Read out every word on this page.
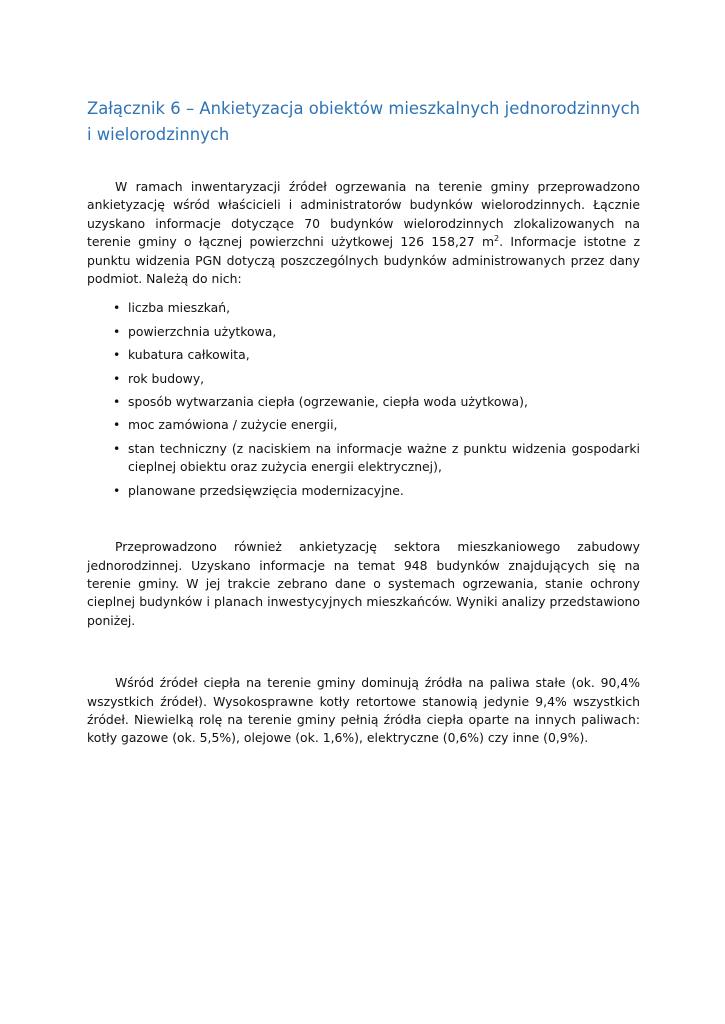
Załącznik 6 – Ankietyzacja obiektów mieszkalnych jednorodzinnych i wielorodzinnych

W ramach inwentaryzacji źródeł ogrzewania na terenie gminy przeprowadzono ankietyzację wśród właścicieli i administratorów budynków wielorodzinnych. Łącznie uzyskano informacje dotyczące 70 budynków wielorodzinnych zlokalizowanych na terenie gminy o łącznej powierzchni użytkowej 126 158,27 $m^2$. Informacje istotne z punktu widzenia PGN dotyczą poszczególnych budynków administrowanych przez dany podmiot. Należą do nich:

• liczba mieszkań,
• powierzchnia użytkowa,
• kubatura całkowita,
• rok budowy,
• sposób wytwarzania ciepła (ogrzewanie, ciepła woda użytkowa),
• moc zamówiona / zużycie energii,
• stan techniczny (z naciskiem na informacje ważne z punktu widzenia gospodarki cieplnej obiektu oraz zużycia energii elektrycznej),
• planowane przedsięwzięcia modernizacyjne.

Przeprowadzono również ankietyzację sektora mieszkaniowego zabudowy jednorodzinnej. Uzyskano informacje na temat 948 budynków znajdujących się na terenie gminy. W jej trakcie zebrano dane o systemach ogrzewania, stanie ochrony cieplnej budynków i planach inwestycyjnych mieszkańców. Wyniki analizy przedstawiono poniżej.

Wśród źródeł ciepła na terenie gminy dominują źródła na paliwa stałe (ok. 90,4% wszystkich źródeł). Wysokosprawne kotły retortowe stanowią jedynie 9,4% wszystkich źródeł. Niewielką rolę na terenie gminy pełnią źródła ciepła oparte na innych paliwach: kotły gazowe (ok. 5,5%), olejowe (ok. 1,6%), elektryczne (0,6%) czy inne (0,9%).
